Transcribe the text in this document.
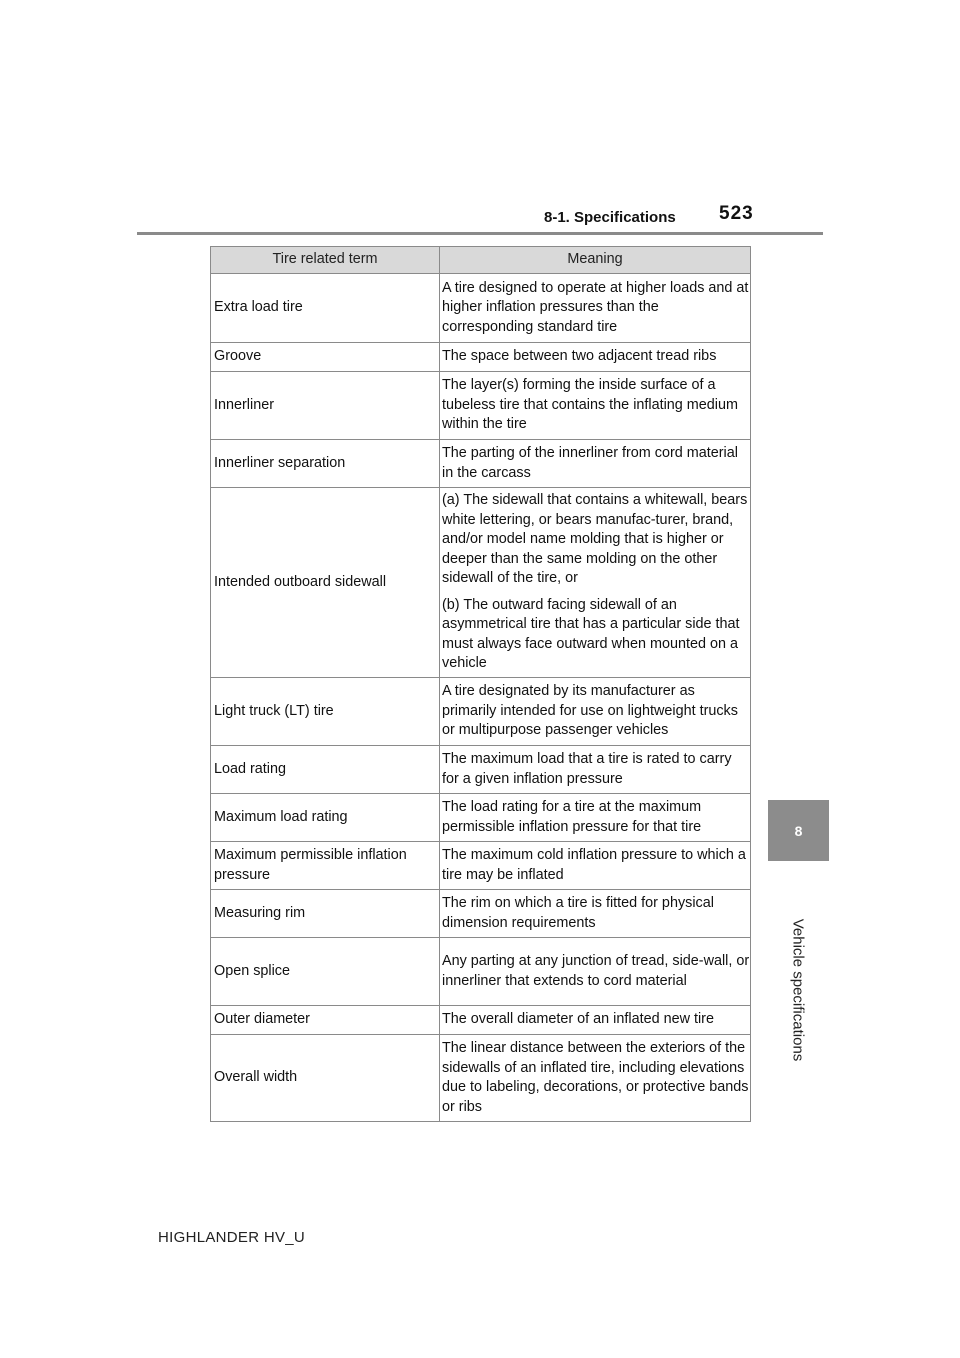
8-1. Specifications 523
8
Vehicle specifications
Tire related term	Meaning
Extra load tire	A tire designed to operate at higher loads and at higher inflation pressures than the corresponding standard tire

Groove	The space between two adjacent tread ribs

Innerliner	The layer(s) forming the inside surface of a tubeless tire that contains the inflating medium within the tire

Innerliner separation	The parting of the innerliner from cord material in the carcass

Intended outboard sidewall	(a) The sidewall that contains a whitewall, bears white lettering, or bears manufac-turer, brand, and/or model name molding that is higher or deeper than the same molding on the other sidewall of the tire, or
(b) The outward facing sidewall of an asymmetrical tire that has a particular side that must always face outward when mounted on a vehicle

Light truck (LT) tire	A tire designated by its manufacturer as primarily intended for use on lightweight trucks or multipurpose passenger vehicles

Load rating	The maximum load that a tire is rated to carry for a given inflation pressure

Maximum load rating	The load rating for a tire at the maximum permissible inflation pressure for that tire

Maximum permissible inflation pressure	The maximum cold inflation pressure to which a tire may be inflated

Measuring rim	The rim on which a tire is fitted for physical dimension requirements

Open splice	Any parting at any junction of tread, side-wall, or innerliner that extends to cord material

Outer diameter	The overall diameter of an inflated new tire

Overall width	The linear distance between the exteriors of the sidewalls of an inflated tire, including elevations due to labeling, decorations, or protective bands or ribs
HIGHLANDER HV_U
